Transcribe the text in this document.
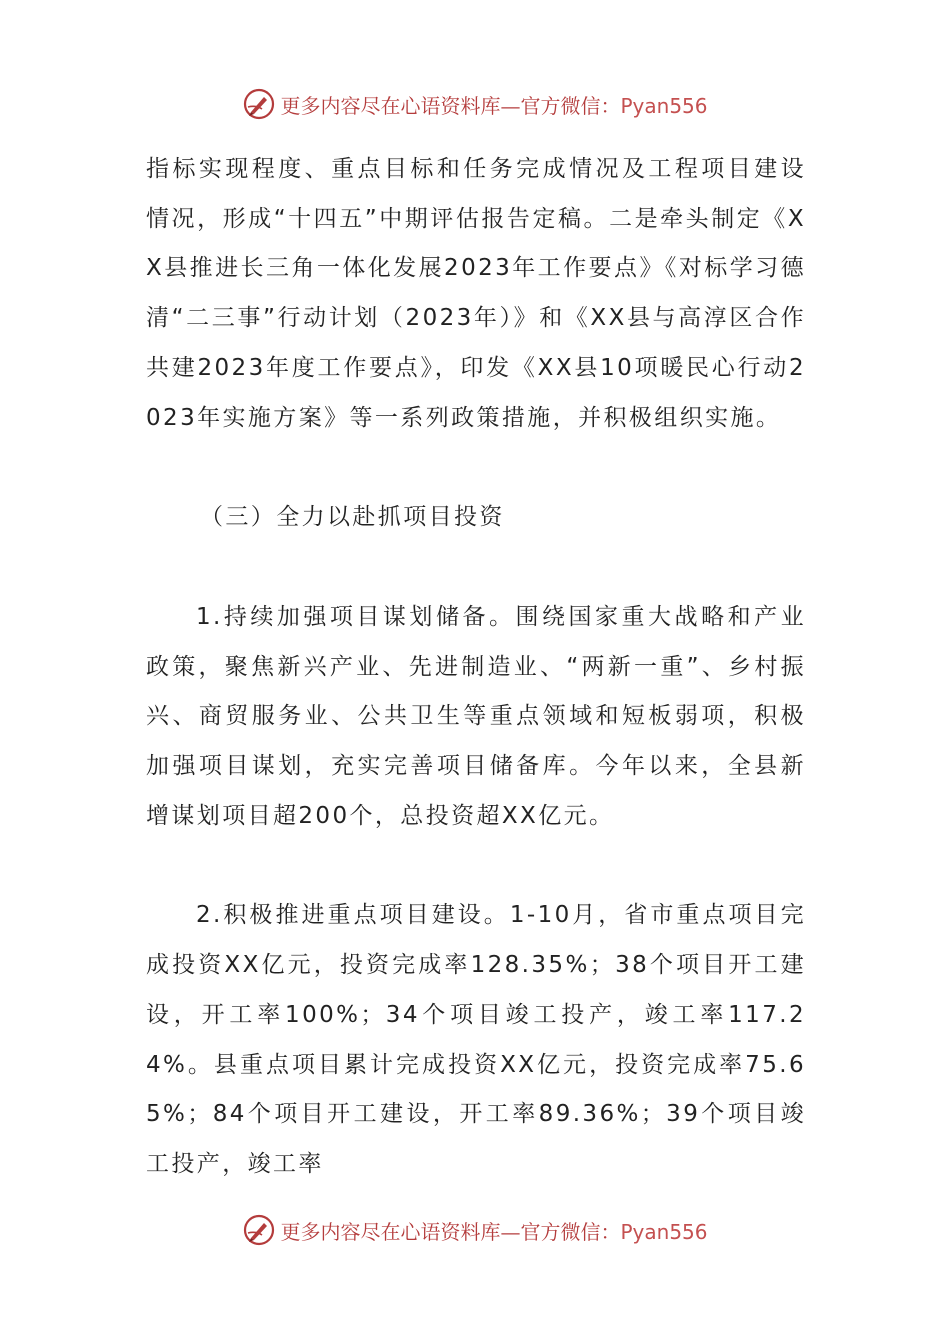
更多内容尽在心语资料库—官方微信：Pyan556

指标实现程度、重点目标和任务完成情况及工程项目建设情况，形成“十四五”中期评估报告定稿。二是牵头制定《XX县推进长三角一体化发展2023年工作要点》《对标学习德清“二三事”行动计划（2023年）》和《XX县与高淳区合作共建2023年度工作要点》，印发《XX县10项暖民心行动2023年实施方案》等一系列政策措施，并积极组织实施。

（三）全力以赴抓项目投资

1.持续加强项目谋划储备。围绕国家重大战略和产业政策，聚焦新兴产业、先进制造业、“两新一重”、乡村振兴、商贸服务业、公共卫生等重点领域和短板弱项，积极加强项目谋划，充实完善项目储备库。今年以来，全县新增谋划项目超200个，总投资超XX亿元。

2.积极推进重点项目建设。1-10月，省市重点项目完成投资XX亿元，投资完成率128.35%；38个项目开工建设，开工率100%；34个项目竣工投产，竣工率117.24%。县重点项目累计完成投资XX亿元，投资完成率75.65%；84个项目开工建设，开工率89.36%；39个项目竣工投产，竣工率

更多内容尽在心语资料库—官方微信：Pyan556
